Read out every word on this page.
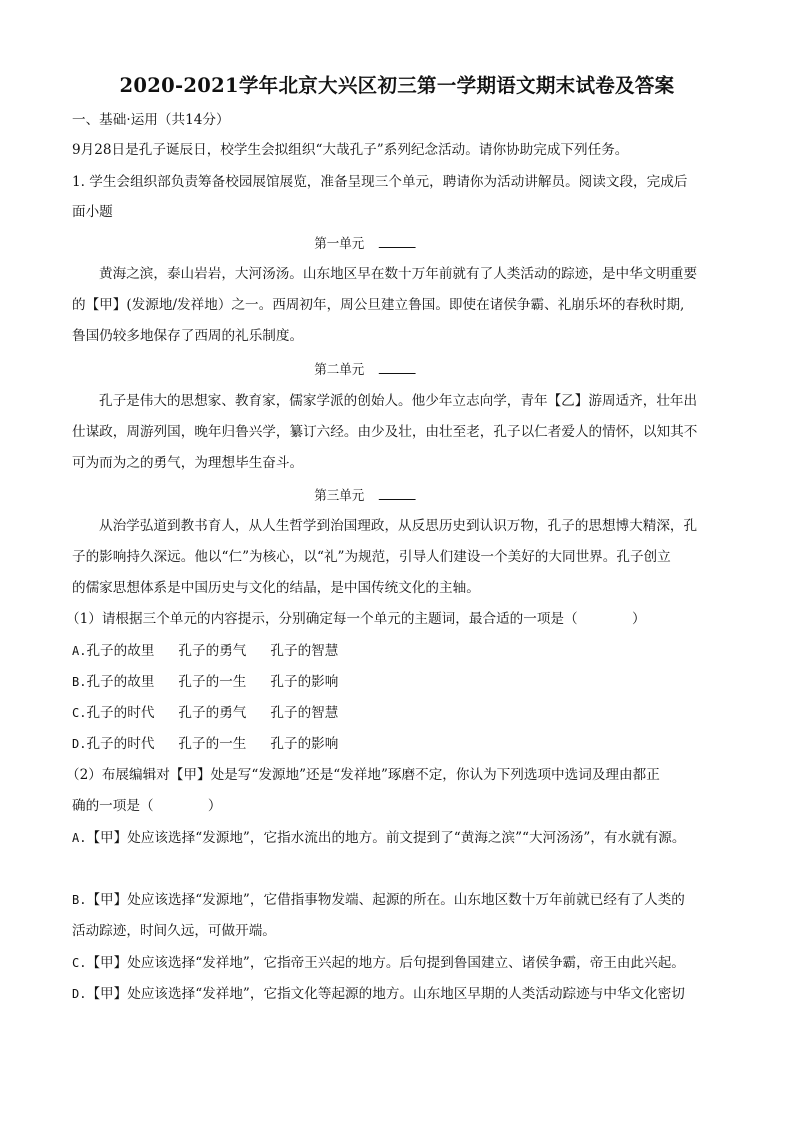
2020-2021学年北京大兴区初三第一学期语文期末试卷及答案
一、基础·运用（共14分）
9月28日是孔子诞辰日，校学生会拟组织“大哉孔子”系列纪念活动。请你协助完成下列任务。
1. 学生会组织部负责筹备校园展馆展览，准备呈现三个单元，聘请你为活动讲解员。阅读文段，完成后
面小题
第一单元
黄海之滨，泰山岩岩，大河汤汤。山东地区早在数十万年前就有了人类活动的踪迹，是中华文明重要
的【甲】(发源地/发祥地）之一。西周初年，周公旦建立鲁国。即使在诸侯争霸、礼崩乐坏的春秋时期,
鲁国仍较多地保存了西周的礼乐制度。
第二单元
孔子是伟大的思想家、教育家，儒家学派的创始人。他少年立志向学，青年【乙】游周适齐，壮年出
仕谋政，周游列国，晚年归鲁兴学，纂订六经。由少及壮，由壮至老，孔子以仁者爱人的情怀，以知其不
可为而为之的勇气，为理想毕生奋斗。
第三单元
从治学弘道到教书育人，从人生哲学到治国理政，从反思历史到认识万物，孔子的思想博大精深，孔
子的影响持久深远。他以“仁”为核心，以“礼”为规范，引导人们建设一个美好的大同世界。孔子创立
的儒家思想体系是中国历史与文化的结晶，是中国传统文化的主轴。
（1）请根据三个单元的内容提示，分别确定每一个单元的主题词，最合适的一项是（　　　　）
A.孔子的故里 孔子的勇气 孔子的智慧
B.孔子的故里 孔子的一生 孔子的影响
C.孔子的时代 孔子的勇气 孔子的智慧
D.孔子的时代 孔子的一生 孔子的影响
（2）布展编辑对【甲】处是写“发源地”还是“发祥地”琢磨不定，你认为下列选项中选词及理由都正
确的一项是（　　　　）
A.【甲】处应该选择“发源地”，它指水流出的地方。前文提到了“黄海之滨”“大河汤汤”，有水就有源。
B.【甲】处应该选择“发源地”，它借指事物发端、起源的所在。山东地区数十万年前就已经有了人类的
活动踪迹，时间久远，可做开端。
C.【甲】处应该选择“发祥地”，它指帝王兴起的地方。后句提到鲁国建立、诸侯争霸，帝王由此兴起。
D.【甲】处应该选择“发祥地”，它指文化等起源的地方。山东地区早期的人类活动踪迹与中华文化密切
